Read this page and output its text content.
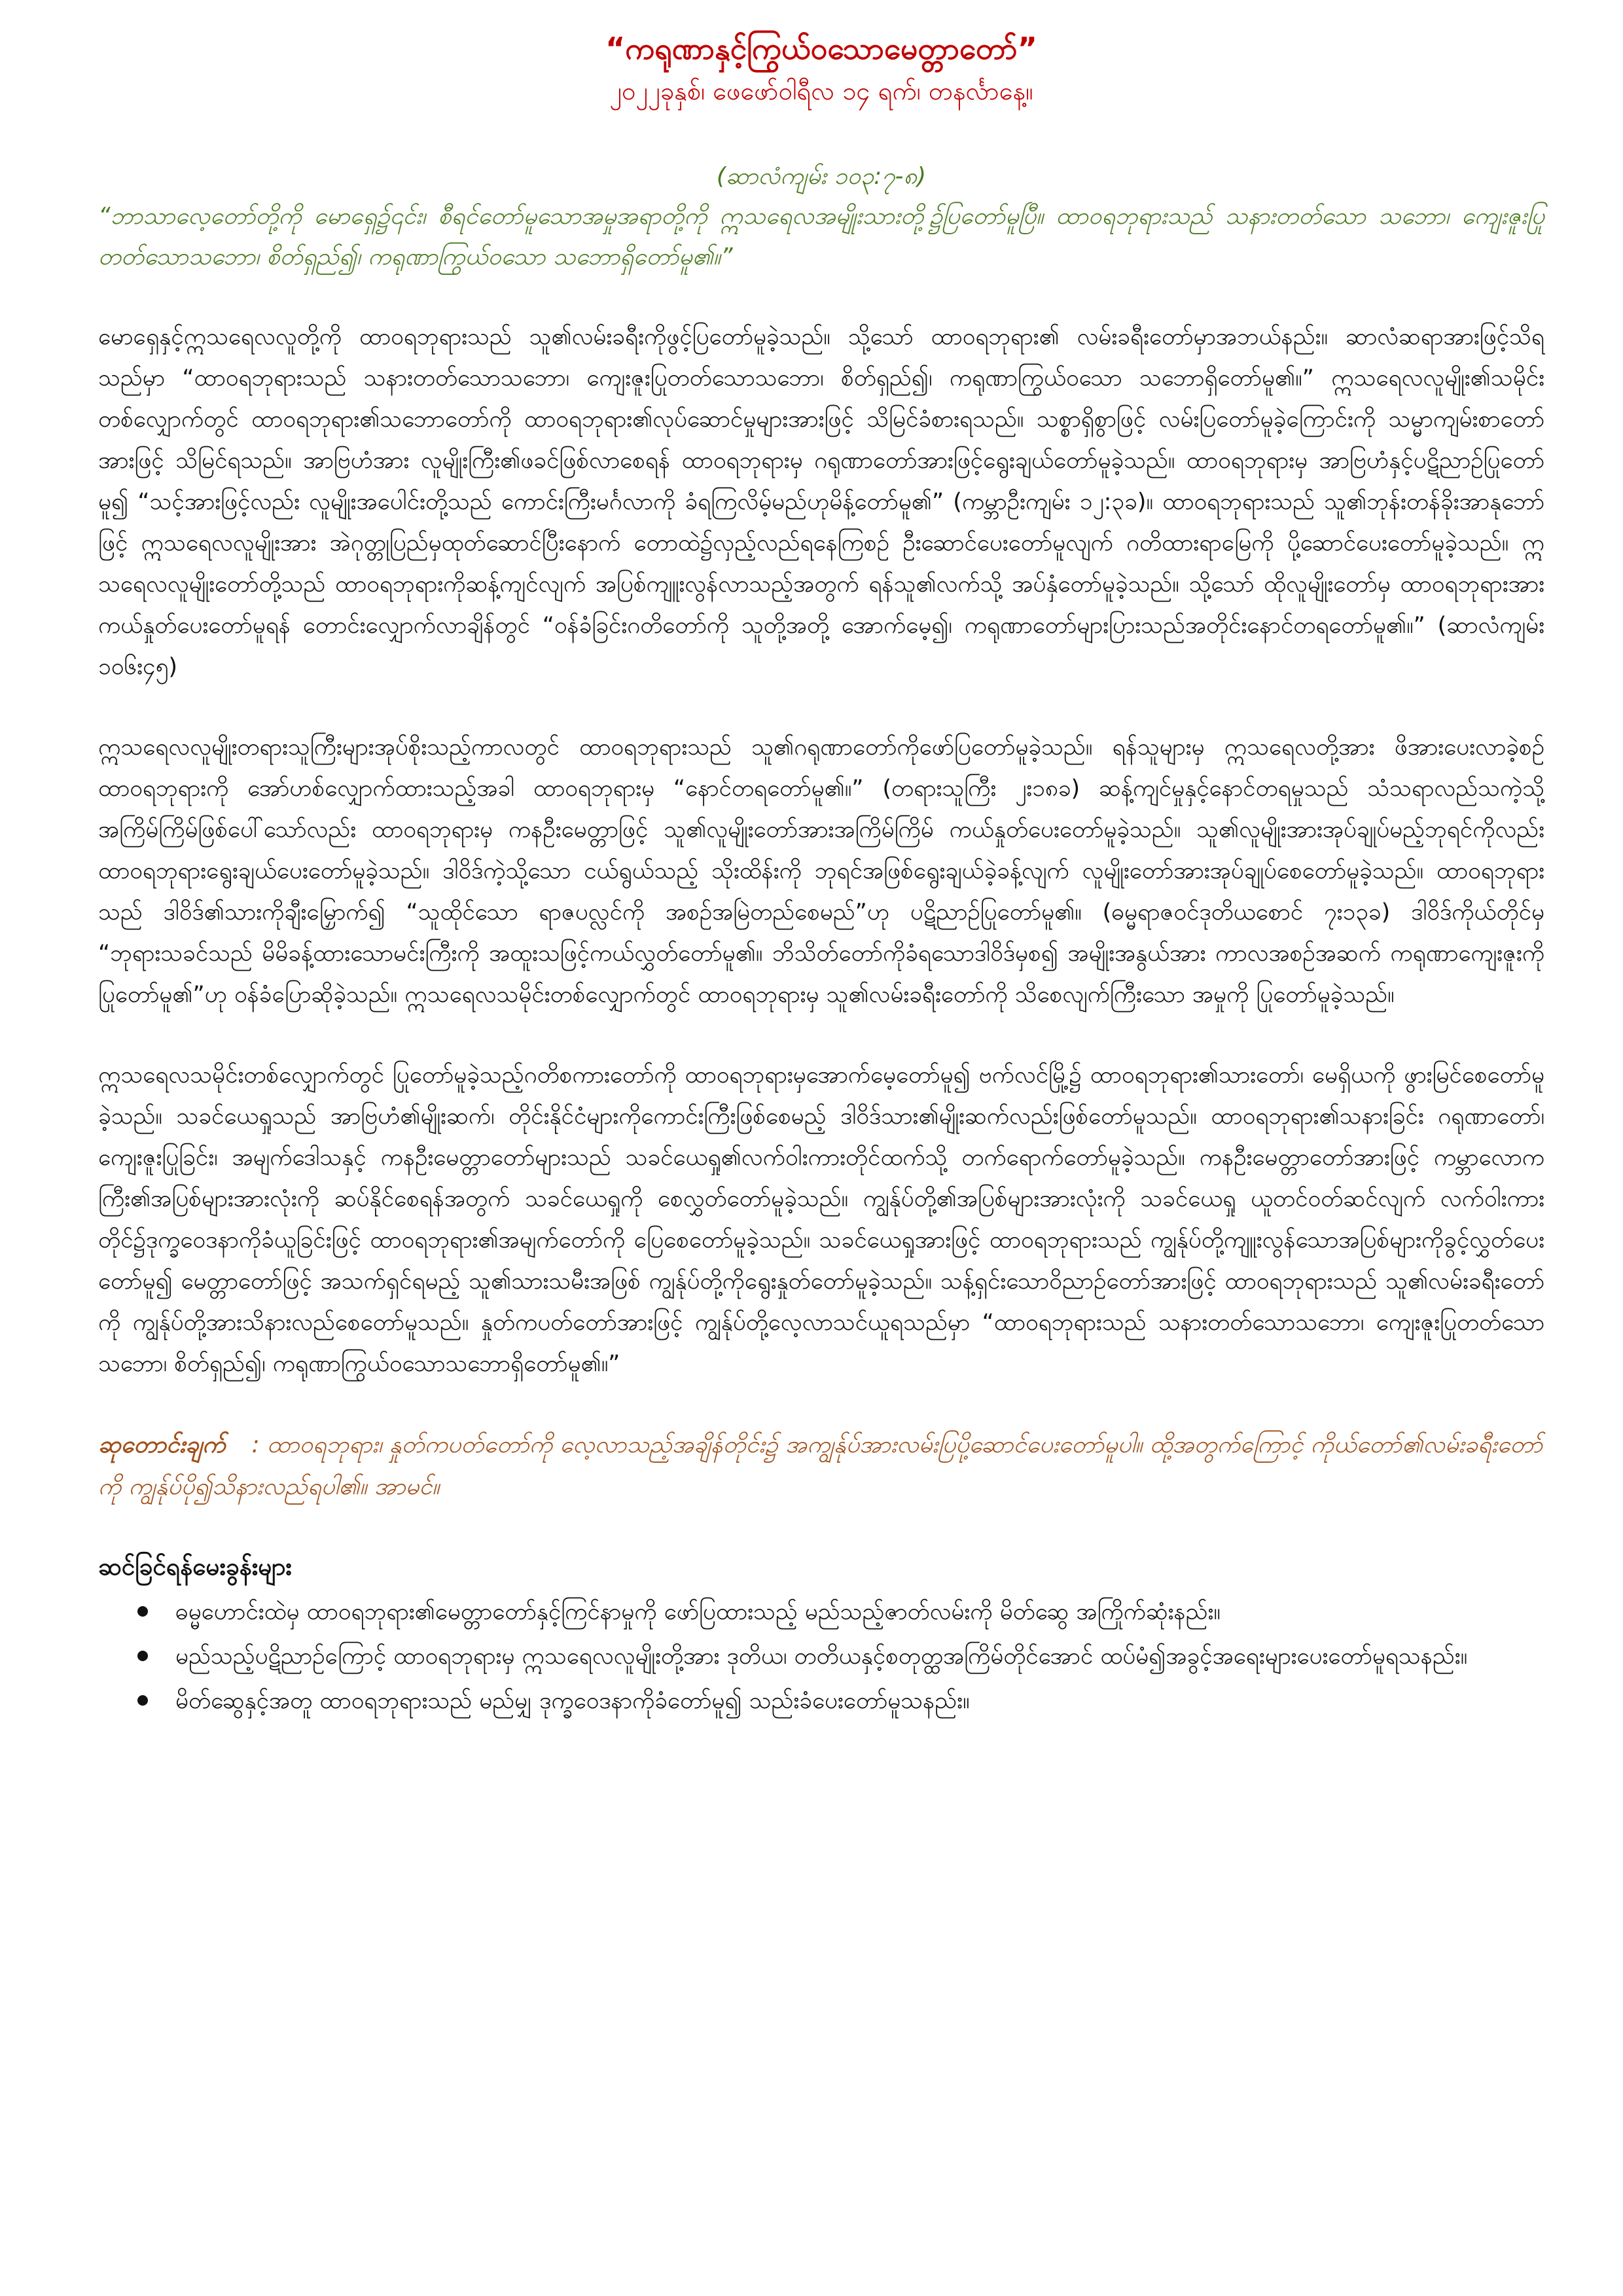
“ကရုဏာနှင့်ကြွယ်ဝသောမေတ္တာတော်”

၂၀၂၂ခုနှစ်၊ ဖေဖော်ဝါရီလ ၁၄ ရက်၊ တနင်္လာနေ့။

(ဆာလံကျမ်း ၁၀၃:၇-၈)

“ဘာသာလေ့တော်တို့ကို မောရှေ၌၎င်း၊ စီရင်တော်မူသောအမှုအရာတို့ကို ဣသရေလအမျိုးသားတို့၌ပြတော်မူပြီ။ ထာဝရဘုရားသည် သနားတတ်သော သဘော၊ ကျေးဇူးပြုတတ်သောသဘော၊ စိတ်ရှည်၍၊ ကရုဏာကြွယ်ဝသော သဘောရှိတော်မူ၏။”

မောရှေနှင့်ဣသရေလလူတို့ကို ထာဝရဘုရားသည် သူ၏လမ်းခရီးကိုဖွင့်ပြတော်မူခဲ့သည်။ သို့သော် ထာဝရဘုရား၏ လမ်းခရီးတော်မှာအဘယ်နည်း။ ဆာလံဆရာအားဖြင့်သိရသည်မှာ “ထာဝရဘုရားသည် သနားတတ်သောသဘော၊ ကျေးဇူးပြုတတ်သောသဘော၊ စိတ်ရှည်၍၊ ကရုဏာကြွယ်ဝသော သဘောရှိတော်မူ၏။” ဣသရေလလူမျိုး၏သမိုင်းတစ်လျှောက်တွင် ထာဝရဘုရား၏သဘောတော်ကို ထာဝရဘုရား၏လုပ်ဆောင်မှုများအားဖြင့် သိမြင်ခံစားရသည်။ သစ္စာရှိစွာဖြင့် လမ်းပြတော်မူခဲ့ကြောင်းကို သမ္မာကျမ်းစာတော်အားဖြင့် သိမြင်ရသည်။ အာဗြဟံအား လူမျိုးကြီး၏ဖခင်ဖြစ်လာစေရန် ထာဝရဘုရားမှ ဂရုဏာတော်အားဖြင့်ရွေးချယ်တော်မူခဲ့သည်။ ထာဝရဘုရားမှ အာဗြဟံနှင့်ပဋိညာဉ်ပြုတော်မူ၍ “သင့်အားဖြင့်လည်း လူမျိုးအပေါင်းတို့သည် ကောင်းကြီးမင်္ဂလာကို ခံရကြလိမ့်မည်ဟုမိန့်တော်မူ၏” (ကမ္ဘာဦးကျမ်း ၁၂:၃ခ)။ ထာဝရဘုရားသည် သူ၏ဘုန်းတန်ခိုးအာနုဘော်ဖြင့် ဣသရေလလူမျိုးအား အဲဂုတ္တုပြည်မှထုတ်ဆောင်ပြီးနောက် တောထဲ၌လှည့်လည်ရနေကြစဉ် ဦးဆောင်ပေးတော်မူလျက် ဂတိထားရာမြေကို ပို့ဆောင်ပေးတော်မူခဲ့သည်။ ဣသရေလလူမျိုးတော်တို့သည် ထာဝရဘုရားကိုဆန့်ကျင်လျက် အပြစ်ကျူးလွန်လာသည့်အတွက် ရန်သူ၏လက်သို့ အပ်နှံတော်မူခဲ့သည်။ သို့သော် ထိုလူမျိုးတော်မှ ထာဝရဘုရားအားကယ်နှုတ်ပေးတော်မူရန် တောင်းလျှောက်လာချိန်တွင် “ဝန်ခံခြင်းဂတိတော်ကို သူတို့အတို့ အောက်မေ့၍၊ ကရုဏာတော်များပြားသည်အတိုင်းနောင်တရတော်မူ၏။” (ဆာလံကျမ်း ၁၀၆း၄၅)

ဣသရေလလူမျိုးတရားသူကြီးများအုပ်စိုးသည့်ကာလတွင် ထာဝရဘုရားသည် သူ၏ဂရုဏာတော်ကိုဖော်ပြတော်မူခဲ့သည်။ ရန်သူများမှ ဣသရေလတို့အား ဖိအားပေးလာခဲ့စဉ် ထာဝရဘုရားကို အော်ဟစ်လျှောက်ထားသည့်အခါ ထာဝရဘုရားမှ “နောင်တရတော်မူ၏။” (တရားသူကြီး ၂း၁၈ခ) ဆန့်ကျင်မှုနှင့်နောင်တရမှုသည် သံသရာလည်သကဲ့သို့ အကြိမ်ကြိမ်ဖြစ်ပေါ်သော်လည်း ထာဝရဘုရားမှ ကနဦးမေတ္တာဖြင့် သူ၏လူမျိုးတော်အားအကြိမ်ကြိမ် ကယ်နှုတ်ပေးတော်မူခဲ့သည်။ သူ၏လူမျိုးအားအုပ်ချုပ်မည့်ဘုရင်ကိုလည်း ထာဝရဘုရားရွေးချယ်ပေးတော်မူခဲ့သည်။ ဒါဝိဒ်ကဲ့သို့သော ငယ်ရွယ်သည့် သိုးထိန်းကို ဘုရင်အဖြစ်ရွေးချယ်ခဲ့ခန့်လျက် လူမျိုးတော်အားအုပ်ချုပ်စေတော်မူခဲ့သည်။ ထာဝရဘုရားသည် ဒါဝိဒ်၏သားကိုချီးမြှောက်၍ “သူထိုင်သော ရာဇပလ္လင်ကို အစဉ်အမြဲတည်စေမည်”ဟု ပဋိညာဉ်ပြုတော်မူ၏။ (ဓမ္မရာဇဝင်ဒုတိယစောင် ၇း၁၃ခ) ဒါဝိဒ်ကိုယ်တိုင်မှ “ဘုရားသခင်သည် မိမိခန့်ထားသောမင်းကြီးကို အထူးသဖြင့်ကယ်လွှတ်တော်မူ၏။ ဘိသိတ်တော်ကိုခံရသောဒါဝိဒ်မှစ၍ အမျိုးအနွယ်အား ကာလအစဉ်အဆက် ကရုဏာကျေးဇူးကိုပြုတော်မူ၏”ဟု ဝန်ခံပြောဆိုခဲ့သည်။ ဣသရေလသမိုင်းတစ်လျှောက်တွင် ထာဝရဘုရားမှ သူ၏လမ်းခရီးတော်ကို သိစေလျက်ကြီးသော အမှုကို ပြုတော်မူခဲ့သည်။

ဣသရေလသမိုင်းတစ်လျှောက်တွင် ပြုတော်မူခဲ့သည့်ဂတိစကားတော်ကို ထာဝရဘုရားမှအောက်မေ့တော်မူ၍ ဗက်လင်မြို့၌ ထာဝရဘုရား၏သားတော်၊ မေရှိယကို ဖွားမြင်စေတော်မူခဲ့သည်။ သခင်ယေရှုသည် အာဗြဟံ၏မျိုးဆက်၊ တိုင်းနိုင်ငံများကိုကောင်းကြီးဖြစ်စေမည့် ဒါဝိဒ်သား၏မျိုးဆက်လည်းဖြစ်တော်မူသည်။ ထာဝရဘုရား၏သနားခြင်း ဂရုဏာတော်၊ ကျေးဇူးပြုခြင်း၊ အမျက်ဒေါသနှင့် ကနဦးမေတ္တာတော်များသည် သခင်ယေရှု၏လက်ဝါးကားတိုင်ထက်သို့ တက်ရောက်တော်မူခဲ့သည်။ ကနဦးမေတ္တာတော်အားဖြင့် ကမ္ဘာလောကကြီး၏အပြစ်များအားလုံးကို ဆပ်နိုင်စေရန်အတွက် သခင်ယေရှုကို စေလွှတ်တော်မူခဲ့သည်။ ကျွန်ုပ်တို့၏အပြစ်များအားလုံးကို သခင်ယေရှု ယူတင်ဝတ်ဆင်လျက် လက်ဝါးကားတိုင်၌ဒုက္ခဝေဒနာကိုခံယူခြင်းဖြင့် ထာဝရဘုရား၏အမျက်တော်ကို ပြေစေတော်မူခဲ့သည်။ သခင်ယေရှုအားဖြင့် ထာဝရဘုရားသည် ကျွန်ုပ်တို့ကျူးလွန်သောအပြစ်များကိုခွင့်လွှတ်ပေးတော်မူ၍ မေတ္တာတော်ဖြင့် အသက်ရှင်ရမည့် သူ၏သားသမီးအဖြစ် ကျွန်ုပ်တို့ကိုရွေးနှုတ်တော်မူခဲ့သည်။ သန့်ရှင်းသောဝိညာဉ်တော်အားဖြင့် ထာဝရဘုရားသည် သူ၏လမ်းခရီးတော်ကို ကျွန်ုပ်တို့အားသိနားလည်စေတော်မူသည်။ နှုတ်ကပတ်တော်အားဖြင့် ကျွန်ုပ်တို့လေ့လာသင်ယူရသည်မှာ “ထာဝရဘုရားသည် သနားတတ်သောသဘော၊ ကျေးဇူးပြုတတ်သောသဘော၊ စိတ်ရှည်၍၊ ကရုဏာကြွယ်ဝသောသဘောရှိတော်မူ၏။”

ဆုတောင်းချက် : ထာဝရဘုရား၊ နှုတ်ကပတ်တော်ကို လေ့လာသည့်အချိန်တိုင်း၌ အကျွန်ုပ်အားလမ်းပြပို့ဆောင်ပေးတော်မူပါ။ ထို့အတွက်ကြောင့် ကိုယ်တော်၏လမ်းခရီးတော်ကို ကျွန်ုပ်ပို၍သိနားလည်ရပါ၏။ အာမင်။

ဆင်ခြင်ရန်မေးခွန်းများ

ဓမ္မဟောင်းထဲမှ ထာဝရဘုရား၏မေတ္တာတော်နှင့်ကြင်နာမှုကို ဖော်ပြထားသည့် မည်သည့်ဇာတ်လမ်းကို မိတ်ဆွေ အကြိုက်ဆုံးနည်း။
မည်သည့်ပဋိညာဉ်ကြောင့် ထာဝရဘုရားမှ ဣသရေလလူမျိုးတို့အား ဒုတိယ၊ တတိယနှင့်စတုတ္ထအကြိမ်တိုင်အောင် ထပ်မံ၍အခွင့်အရေးများပေးတော်မူရသနည်း။
မိတ်ဆွေနှင့်အတူ ထာဝရဘုရားသည် မည်မျှ ဒုက္ခဝေဒနာကိုခံတော်မူ၍ သည်းခံပေးတော်မူသနည်း။
